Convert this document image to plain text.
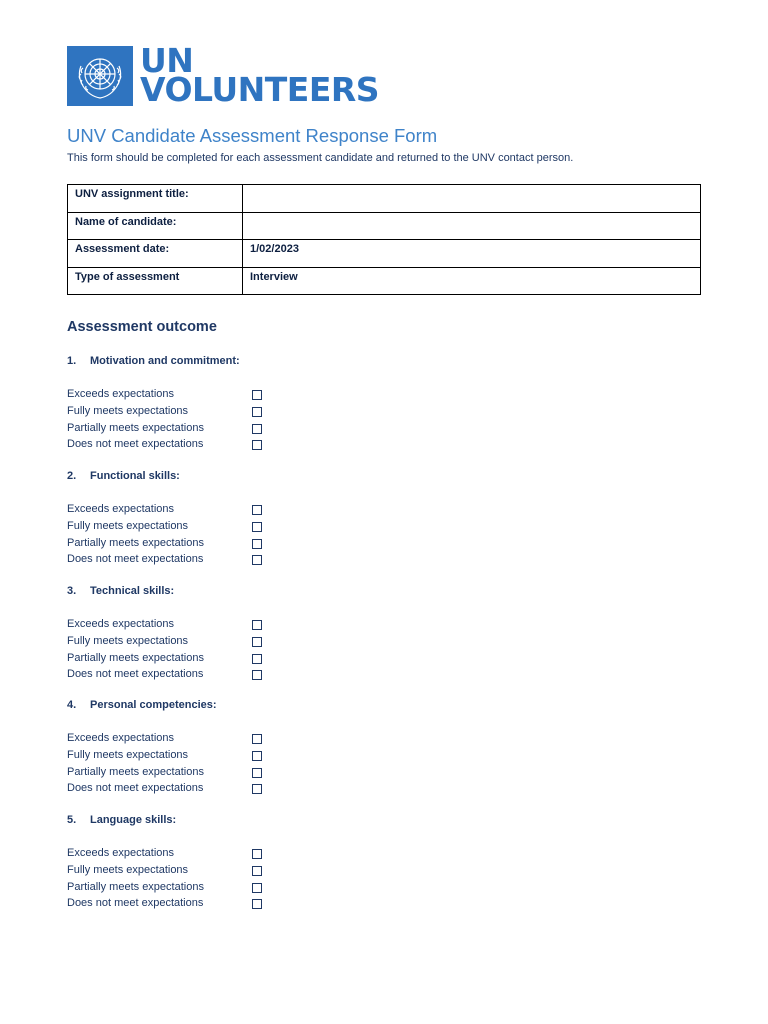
UN
VOLUNTEERS
UNV Candidate Assessment Response Form

This form should be completed for each assessment candidate and returned to the UNV contact person.

UNV assignment title:	
Name of candidate:	
Assessment date:	1/02/2023
Type of assessment	Interview
Assessment outcome

1. Motivation and commitment:

Exceeds expectations
Fully meets expectations
Partially meets expectations
Does not meet expectations

2. Functional skills:

Exceeds expectations
Fully meets expectations
Partially meets expectations
Does not meet expectations

3. Technical skills:

Exceeds expectations
Fully meets expectations
Partially meets expectations
Does not meet expectations

4. Personal competencies:

Exceeds expectations
Fully meets expectations
Partially meets expectations
Does not meet expectations

5. Language skills:

Exceeds expectations
Fully meets expectations
Partially meets expectations
Does not meet expectations
